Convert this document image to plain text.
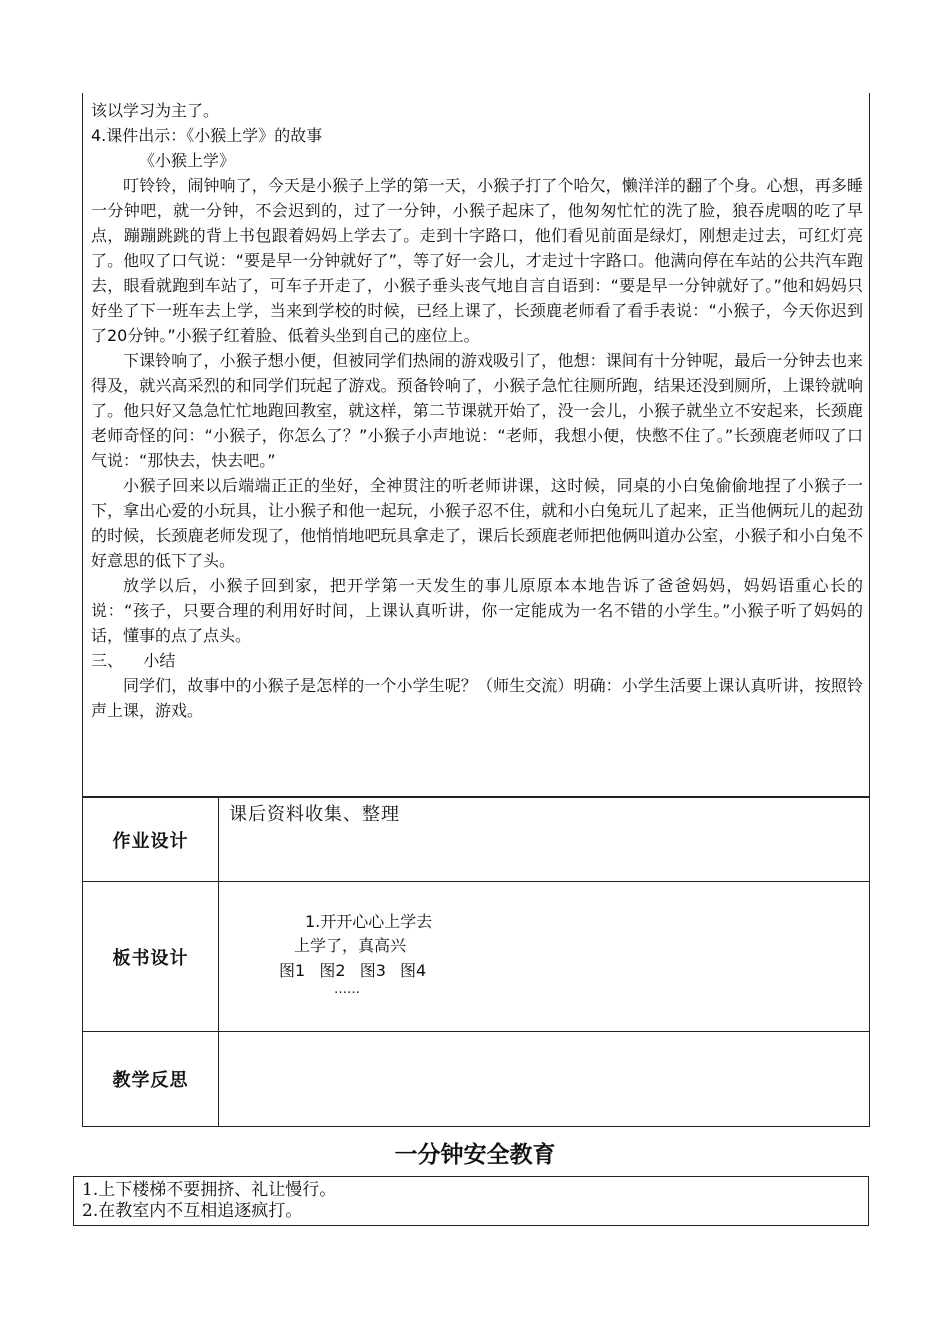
该以学习为主了。

4.课件出示：《小猴上学》的故事

《小猴上学》

叮铃铃，闹钟响了，今天是小猴子上学的第一天，小猴子打了个哈欠，懒洋洋的翻了个身。心想，再多睡一分钟吧，就一分钟，不会迟到的，过了一分钟，小猴子起床了，他匆匆忙忙的洗了脸，狼吞虎咽的吃了早点，蹦蹦跳跳的背上书包跟着妈妈上学去了。走到十字路口，他们看见前面是绿灯，刚想走过去，可红灯亮了。他叹了口气说：“要是早一分钟就好了”，等了好一会儿，才走过十字路口。他满向停在车站的公共汽车跑去，眼看就跑到车站了，可车子开走了，小猴子垂头丧气地自言自语到：“要是早一分钟就好了。”他和妈妈只好坐了下一班车去上学，当来到学校的时候，已经上课了，长颈鹿老师看了看手表说：“小猴子，今天你迟到了20分钟。”小猴子红着脸、低着头坐到自己的座位上。

下课铃响了，小猴子想小便，但被同学们热闹的游戏吸引了，他想：课间有十分钟呢，最后一分钟去也来得及，就兴高采烈的和同学们玩起了游戏。预备铃响了，小猴子急忙往厕所跑，结果还没到厕所，上课铃就响了。他只好又急急忙忙地跑回教室，就这样，第二节课就开始了，没一会儿，小猴子就坐立不安起来，长颈鹿老师奇怪的问：“小猴子，你怎么了？”小猴子小声地说：“老师，我想小便，快憋不住了。”长颈鹿老师叹了口气说：“那快去，快去吧。”

小猴子回来以后端端正正的坐好，全神贯注的听老师讲课，这时候，同桌的小白兔偷偷地捏了小猴子一下，拿出心爱的小玩具，让小猴子和他一起玩，小猴子忍不住，就和小白兔玩儿了起来，正当他俩玩儿的起劲的时候，长颈鹿老师发现了，他悄悄地吧玩具拿走了，课后长颈鹿老师把他俩叫道办公室，小猴子和小白兔不好意思的低下了头。

放学以后，小猴子回到家，把开学第一天发生的事儿原原本本地告诉了爸爸妈妈，妈妈语重心长的说：“孩子，只要合理的利用好时间，上课认真听讲，你一定能成为一名不错的小学生。”小猴子听了妈妈的话，懂事的点了点头。

三、    小结

同学们，故事中的小猴子是怎样的一个小学生呢？（师生交流）明确：小学生活要上课认真听讲，按照铃声上课，游戏。

作业设计	课后资料收集、整理

板书设计	1.开开心心上学去
上学了，真高兴
图1  图2  图3  图4
……

教学反思	
一分钟安全教育
1.上下楼梯不要拥挤、礼让慢行。
2.在教室内不互相追逐疯打。
